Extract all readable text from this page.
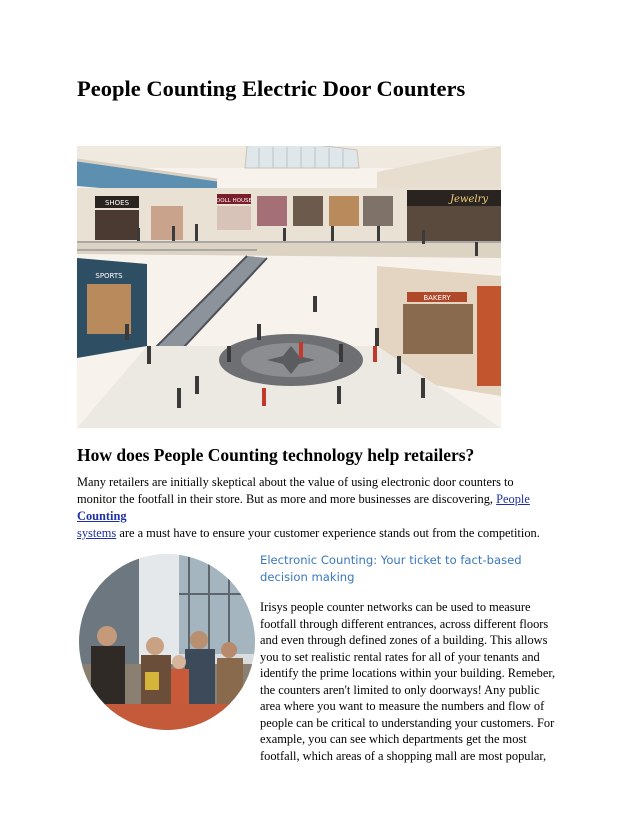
People Counting Electric Door Counters
SHOES	DOLL HOUSE	Jewelry
SPORTS
BAKERY
How does People Counting technology help retailers?

Many retailers are initially skeptical about the value of using electronic door counters to monitor the footfall in their store. But as more and more businesses are discovering, People Counting
systems are a must have to ensure your customer experience stands out from the competition.

Electronic Counting: Your ticket to fact-based decision making

Irisys people counter networks can be used to measure footfall through different entrances, across different floors and even through defined zones of a building. This allows you to set realistic rental rates for all of your tenants and identify the prime locations within your building. Remeber, the counters aren't limited to only doorways! Any public area where you want to measure the numbers and flow of people can be critical to understanding your customers. For example, you can see which departments get the most footfall, which areas of a shopping mall are most popular,
